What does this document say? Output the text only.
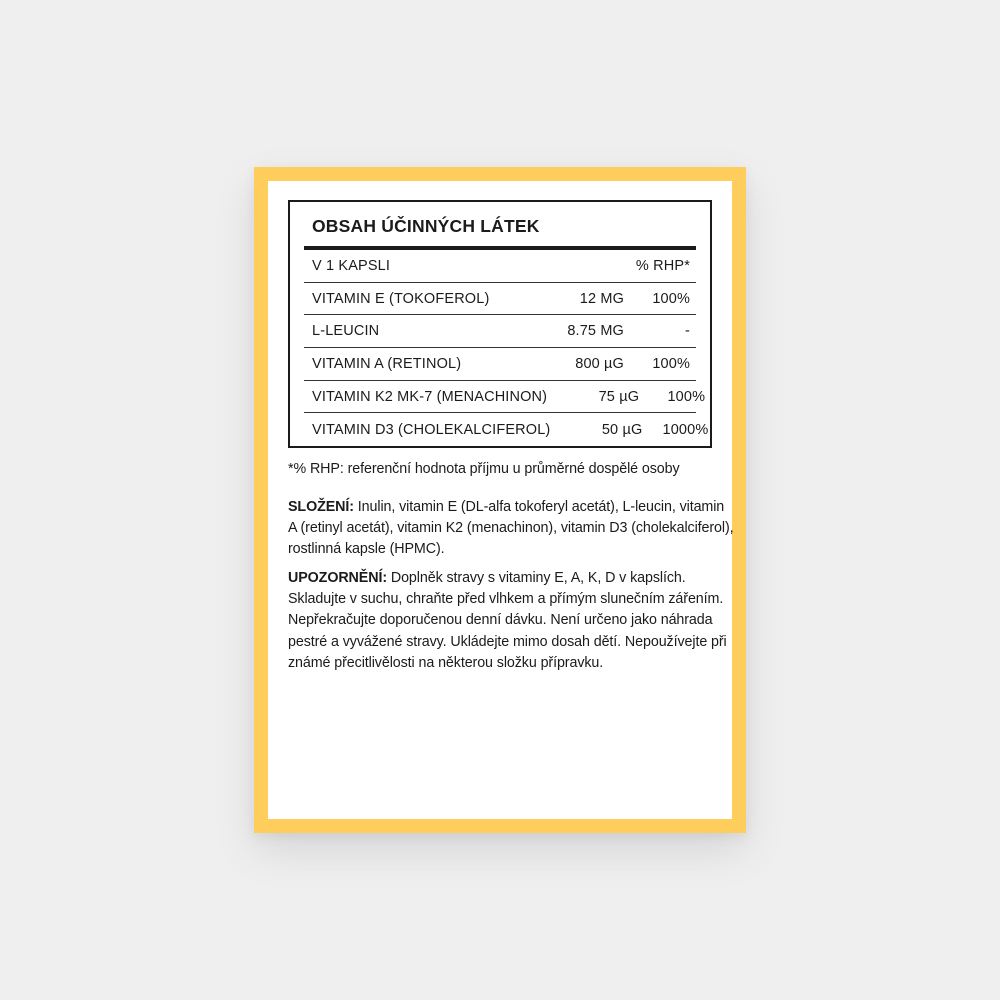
OBSAH ÚČINNÝCH LÁTEK
V 1 KAPSLI	% RHP*
VITAMIN E (TOKOFEROL)	12 MG	100%
L-LEUCIN	8.75 MG	-
VITAMIN A (RETINOL)	800 µG	100%
VITAMIN K2 MK-7 (MENACHINON)	75 µG	100%
VITAMIN D3 (CHOLEKALCIFEROL)	50 µG	1000%
*% RHP: referenční hodnota příjmu u průměrné dospělé osoby
SLOŽENÍ: Inulin, vitamin E (DL-alfa tokoferyl acetát), L-leucin, vitamin A (retinyl acetát), vitamin K2 (menachinon), vitamin D3 (cholekalciferol), rostlinná kapsle (HPMC).
UPOZORNĚNÍ: Doplněk stravy s vitaminy E, A, K, D v kapslích. Skladujte v suchu, chraňte před vlhkem a přímým slunečním zářením. Nepřekračujte doporučenou denní dávku. Není určeno jako náhrada pestré a vyvážené stravy. Ukládejte mimo dosah dětí. Nepoužívejte při známé přecitlivělosti na některou složku přípravku.
